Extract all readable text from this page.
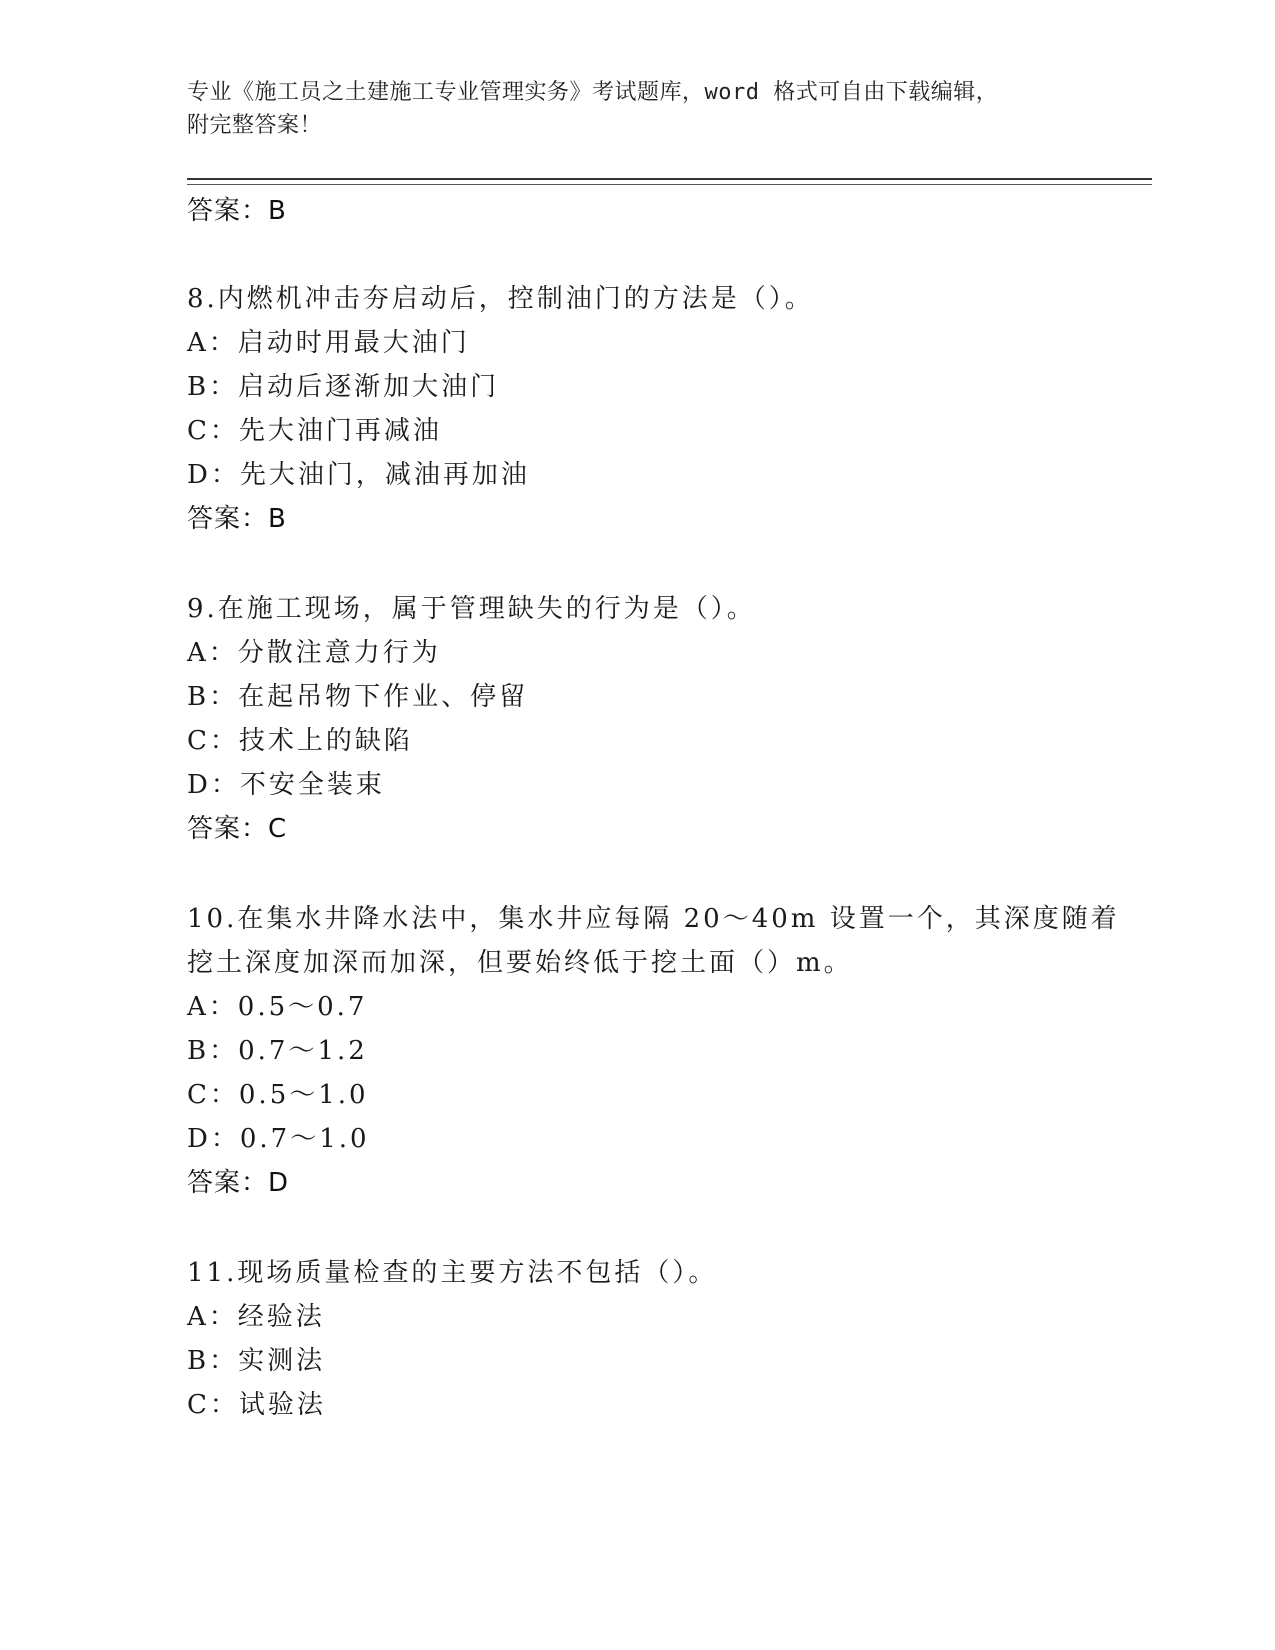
专业《施工员之土建施工专业管理实务》考试题库，word 格式可自由下载编辑，
附完整答案！
答案：B
8.内燃机冲击夯启动后，控制油门的方法是（）。
A：启动时用最大油门
B：启动后逐渐加大油门
C：先大油门再减油
D：先大油门，减油再加油
答案：B
9.在施工现场，属于管理缺失的行为是（）。
A：分散注意力行为
B：在起吊物下作业、停留
C：技术上的缺陷
D：不安全装束
答案：C
10.在集水井降水法中，集水井应每隔 20～40m 设置一个，其深度随着
挖土深度加深而加深，但要始终低于挖土面（）m。
A：0.5～0.7
B：0.7～1.2
C：0.5～1.0
D：0.7～1.0
答案：D
11.现场质量检查的主要方法不包括（）。
A：经验法
B：实测法
C：试验法
